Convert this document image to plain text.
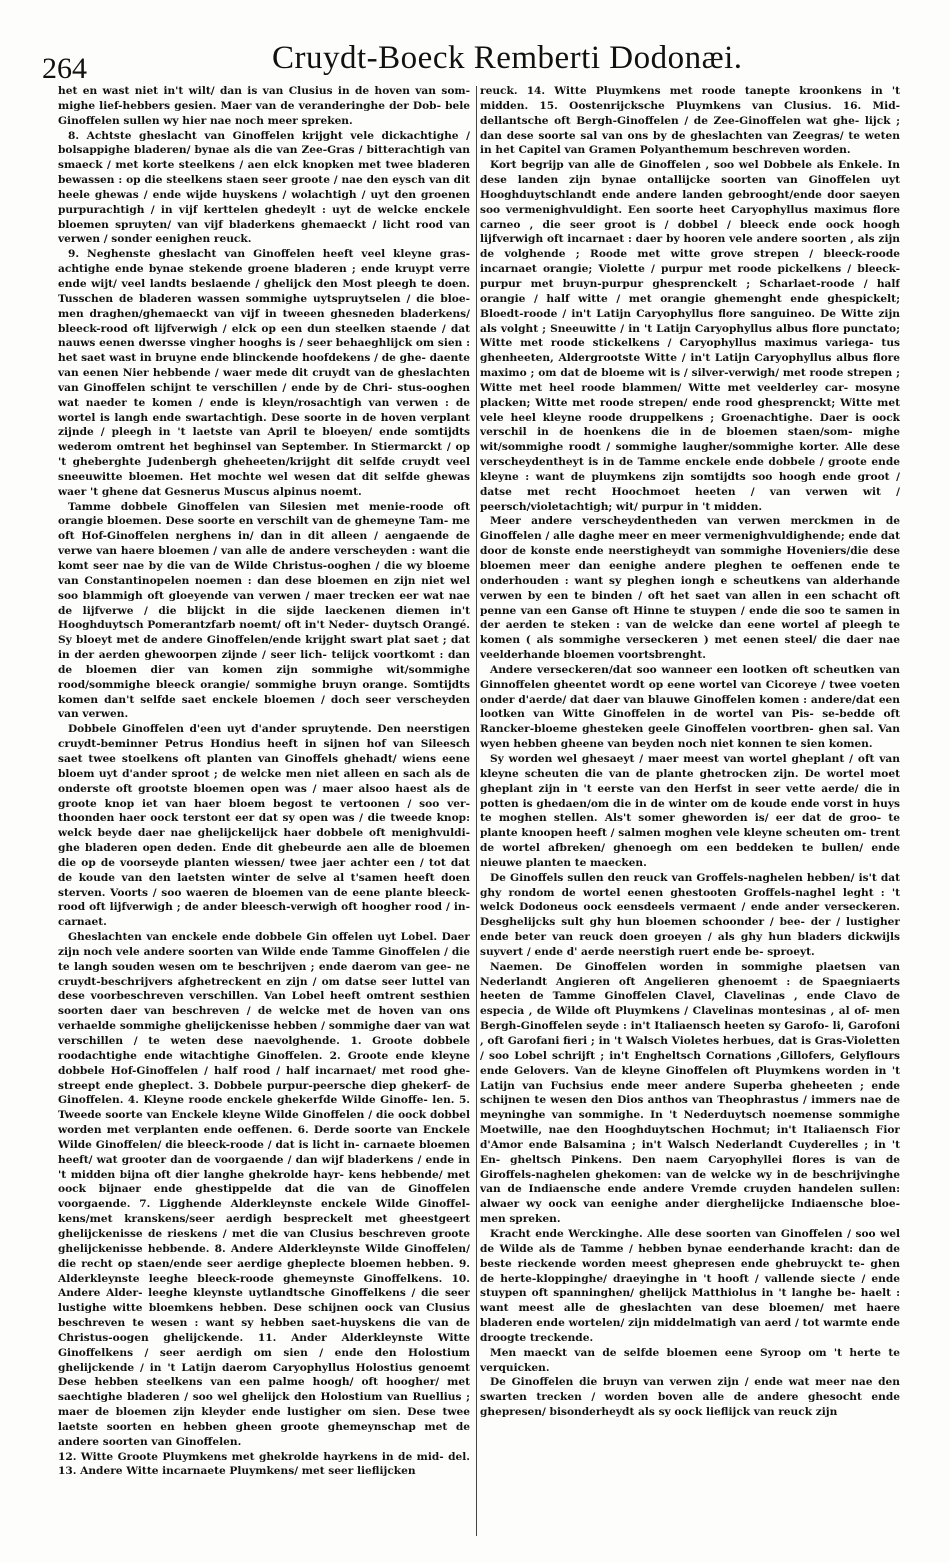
264	Cruydt-Boeck Remberti Dodonæi.

het en wast niet in't wilt/ dan is van Clusius in de hoven van som- mighe lief-hebbers gesien. Maer van de veranderinghe der Dob- bele Ginoffelen sullen wy hier nae noch meer spreken.

8. Achtste gheslacht van Ginoffelen krijght vele dickachtighe / bolsappighe bladeren/ bynae als die van Zee-Gras / bitterachtigh van smaeck / met korte steelkens / aen elck knopken met twee bladeren bewassen : op die steelkens staen seer groote / nae den eysch van dit heele ghewas / ende wijde huyskens / wolachtigh / uyt den groenen purpurachtigh / in vijf kerttelen ghedeylt : uyt de welcke enckele bloemen spruyten/ van vijf bladerkens ghemaeckt / licht rood van verwen / sonder eenighen reuck.

9. Neghenste gheslacht van Ginoffelen heeft veel kleyne gras- achtighe ende bynae stekende groene bladeren ; ende kruypt verre ende wijt/ veel landts beslaende / ghelijck den Most pleegh te doen. Tusschen de bladeren wassen sommighe uytspruytselen / die bloe- men draghen/ghemaeckt van vijf in tweeen ghesneden bladerkens/ bleeck-rood oft lijfverwigh / elck op een dun steelken staende / dat nauws eenen dwersse vingher hooghs is / seer behaeghlijck om sien : het saet wast in bruyne ende blinckende hoofdekens / de ghe- daente van eenen Nier hebbende / waer mede dit cruydt van de gheslachten van Ginoffelen schijnt te verschillen / ende by de Chri- stus-ooghen wat naeder te komen / ende is kleyn/rosachtigh van verwen : de wortel is langh ende swartachtigh. Dese soorte in de hoven verplant zijnde / pleegh in 't laetste van April te bloeyen/ ende somtijdts wederom omtrent het beghinsel van September. In Stiermarckt / op 't gheberghte Judenbergh gheheeten/krijght dit selfde cruydt veel sneeuwitte bloemen. Het mochte wel wesen dat dit selfde ghewas waer 't ghene dat Gesnerus Muscus alpinus noemt.

Tamme dobbele Ginoffelen van Silesien met menie-roode oft orangie bloemen. Dese soorte en verschilt van de ghemeyne Tam- me oft Hof-Ginoffelen nerghens in/ dan in dit alleen / aengaende de verwe van haere bloemen / van alle de andere verscheyden : want die komt seer nae by die van de Wilde Christus-ooghen / die wy bloeme van Constantinopelen noemen : dan dese bloemen en zijn niet wel soo blammigh oft gloeyende van verwen / maer trecken eer wat nae de lijfverwe / die blijckt in die sijde laeckenen diemen in't Hooghduytsch Pomerantzfarb noemt/ oft in't Neder- duytsch Orangé. Sy bloeyt met de andere Ginoffelen/ende krijght swart plat saet ; dat in der aerden ghewoorpen zijnde / seer lich- telijck voortkomt : dan de bloemen dier van komen zijn sommighe wit/sommighe rood/sommighe bleeck orangie/ sommighe bruyn orange. Somtijdts komen dan't selfde saet enckele bloemen / doch seer verscheyden van verwen.

Dobbele Ginoffelen d'een uyt d'ander spruytende. Den neerstigen cruydt-beminner Petrus Hondius heeft in sijnen hof van Sileesch saet twee stoelkens oft planten van Ginoffels ghehadt/ wiens eene bloem uyt d'ander sproot ; de welcke men niet alleen en sach als de onderste oft grootste bloemen open was / maer alsoo haest als de groote knop iet van haer bloem begost te vertoonen / soo ver- thoonden haer oock terstont eer dat sy open was / die tweede knop: welck beyde daer nae ghelijckelijck haer dobbele oft menighvuldi- ghe bladeren open deden. Ende dit ghebeurde aen alle de bloemen die op de voorseyde planten wiessen/ twee jaer achter een / tot dat de koude van den laetsten winter de selve al t'samen heeft doen sterven. Voorts / soo waeren de bloemen van de eene plante bleeck-rood oft lijfverwigh ; de ander bleesch-verwigh oft hoogher rood / in- carnaet.

Gheslachten van enckele ende dobbele Gin offelen uyt Lobel. Daer zijn noch vele andere soorten van Wilde ende Tamme Ginoffelen / die te langh souden wesen om te beschrijven ; ende daerom van gee- ne cruydt-beschrijvers afghetreckent en zijn / om datse seer luttel van dese voorbeschreven verschillen. Van Lobel heeft omtrent sesthien soorten daer van beschreven / de welcke met de hoven van ons verhaelde sommighe ghelijckenisse hebben / sommighe daer van wat verschillen / te weten dese naevolghende. 1. Groote dobbele roodachtighe ende witachtighe Ginoffelen. 2. Groote ende kleyne dobbele Hof-Ginoffelen / half rood / half incarnaet/ met rood ghe- streept ende gheplect. 3. Dobbele purpur-peersche diep ghekerf- de Ginoffelen. 4. Kleyne roode enckele ghekerfde Wilde Ginoffe- len. 5. Tweede soorte van Enckele kleyne Wilde Ginoffelen / die oock dobbel worden met verplanten ende oeffenen. 6. Derde soorte van Enckele Wilde Ginoffelen/ die bleeck-roode / dat is licht in- carnaete bloemen heeft/ wat grooter dan de voorgaende / dan wijf bladerkens / ende in 't midden bijna oft dier langhe ghekrolde hayr- kens hebbende/ met oock bijnaer ende ghestippelde dat die van de Ginoffelen voorgaende. 7. Ligghende Alderkleynste enckele Wilde Ginoffel- kens/met kranskens/seer aerdigh bespreckelt met gheestgeert ghelijckenisse de rieskens / met die van Clusius beschreven groote ghelijckenisse hebbende. 8. Andere Alderkleynste Wilde Ginoffelen/ die recht op staen/ende seer aerdige gheplecte bloemen hebben. 9. Alderkleynste leeghe bleeck-roode ghemeynste Ginoffelkens. 10. Andere Alder- leeghe kleynste uytlandtsche Ginoffelkens / die seer lustighe witte bloemkens hebben. Dese schijnen oock van Clusius beschreven te wesen : want sy hebben saet-huyskens die van de Christus-oogen ghelijckende. 11. Ander Alderkleynste Witte Ginoffelkens / seer aerdigh om sien / ende den Holostium ghelijckende / in 't Latijn daerom Caryophyllus Holostius genoemt Dese hebben steelkens van een palme hoogh/ oft hoogher/ met saechtighe bladeren / soo wel ghelijck den Holostium van Ruellius ; maer de bloemen zijn kleyder ende lustigher om sien. Dese twee laetste soorten en hebben gheen groote ghemeynschap met de andere soorten van Ginoffelen.

12. Witte Groote Pluymkens met ghekrolde hayrkens in de mid- del. 13. Andere Witte incarnaete Pluymkens/ met seer lieflijcken

reuck. 14. Witte Pluymkens met roode tanepte kroonkens in 't midden. 15. Oostenrijcksche Pluymkens van Clusius. 16. Mid- dellantsche oft Bergh-Ginoffelen / de Zee-Ginoffelen wat ghe- lijck ; dan dese soorte sal van ons by de gheslachten van Zeegras/ te weten in het Capitel van Gramen Polyanthemum beschreven worden.

Kort begrijp van alle de Ginoffelen , soo wel Dobbele als Enkele. In dese landen zijn bynae ontallijcke soorten van Ginoffelen uyt Hooghduytschlandt ende andere landen gebrooght/ende door saeyen soo vermenighvuldight. Een soorte heet Caryophyllus maximus flore carneo , die seer groot is / dobbel / bleeck ende oock hoogh lijfverwigh oft incarnaet : daer by hooren vele andere soorten , als zijn de volghende ; Roode met witte grove strepen / bleeck-roode incarnaet orangie; Violette / purpur met roode pickelkens / bleeck- purpur met bruyn-purpur ghesprenckelt ; Scharlaet-roode / half orangie / half witte / met orangie ghemenght ende ghespickelt; Bloedt-roode / in't Latijn Caryophyllus flore sanguineo. De Witte zijn als volght ; Sneeuwitte / in 't Latijn Caryophyllus albus flore punctato; Witte met roode stickelkens / Caryophyllus maximus variega- tus ghenheeten, Aldergrootste Witte / in't Latijn Caryophyllus albus flore maximo ; om dat de bloeme wit is / silver-verwigh/ met roode strepen ; Witte met heel roode blammen/ Witte met veelderley car- mosyne placken; Witte met roode strepen/ ende rood ghesprenckt; Witte met vele heel kleyne roode druppelkens ; Groenachtighe. Daer is oock verschil in de hoenkens die in de bloemen staen/som- mighe wit/sommighe roodt / sommighe laugher/sommighe korter. Alle dese verscheydentheyt is in de Tamme enckele ende dobbele / groote ende kleyne : want de pluymkens zijn somtijdts soo hoogh ende groot / datse met recht Hoochmoet heeten / van verwen wit / peersch/violetachtigh; wit/ purpur in 't midden.

Meer andere verscheydentheden van verwen merckmen in de Ginoffelen / alle daghe meer en meer vermenighvuldighende; ende dat door de konste ende neerstigheydt van sommighe Hoveniers/die dese bloemen meer dan eenighe andere pleghen te oeffenen ende te onderhouden : want sy pleghen iongh e scheutkens van alderhande verwen by een te binden / oft het saet van allen in een schacht oft penne van een Ganse oft Hinne te stuypen / ende die soo te samen in der aerden te steken : van de welcke dan eene wortel af pleegh te komen ( als sommighe verseckeren ) met eenen steel/ die daer nae veelderhande bloemen voortsbrenght.

Andere verseckeren/dat soo wanneer een lootken oft scheutken van Ginnoffelen gheentet wordt op eene wortel van Cicoreye / twee voeten onder d'aerde/ dat daer van blauwe Ginoffelen komen : andere/dat een lootken van Witte Ginoffelen in de wortel van Pis- se-bedde oft Rancker-bloeme ghesteken geele Ginoffelen voortbren- ghen sal. Van wyen hebben gheene van beyden noch niet konnen te sien komen.

Sy worden wel ghesaeyt / maer meest van wortel gheplant / oft van kleyne scheuten die van de plante ghetrocken zijn. De wortel moet gheplant zijn in 't eerste van den Herfst in seer vette aerde/ die in potten is ghedaen/om die in de winter om de koude ende vorst in huys te moghen stellen. Als't somer gheworden is/ eer dat de groo- te plante knoopen heeft / salmen moghen vele kleyne scheuten om- trent de wortel afbreken/ ghenoegh om een beddeken te bullen/ ende nieuwe planten te maecken.

De Ginoffels sullen den reuck van Groffels-naghelen hebben/ is't dat ghy rondom de wortel eenen ghestooten Groffels-naghel leght : 't welck Dodoneus oock eensdeels vermaent / ende ander verseckeren. Desghelijcks sult ghy hun bloemen schoonder / bee- der / lustigher ende beter van reuck doen groeyen / als ghy hun bladers dickwijls suyvert / ende d' aerde neerstigh ruert ende be- sproeyt.

Naemen. De Ginoffelen worden in sommighe plaetsen van Nederlandt Angieren oft Angelieren ghenoemt : de Spaegniaerts heeten de Tamme Ginoffelen Clavel, Clavelinas , ende Clavo de especia , de Wilde oft Pluymkens / Clavelinas montesinas , al of- men Bergh-Ginoffelen seyde : in't Italiaensch heeten sy Garofo- li, Garofoni , oft Garofani fieri ; in 't Walsch Violetes herbues, dat is Gras-Violetten / soo Lobel schrijft ; in't Engheltsch Cornations ,Gillofers, Gelyflours ende Gelovers. Van de kleyne Ginoffelen oft Pluymkens worden in 't Latijn van Fuchsius ende meer andere Superba gheheeten ; ende schijnen te wesen den Dios anthos van Theophrastus / immers nae de meyninghe van sommighe. In 't Nederduytsch noemense sommighe Moetwille, nae den Hooghduytschen Hochmut; in't Italiaensch Fior d'Amor ende Balsamina ; in't Walsch Nederlandt Cuyderelles ; in 't En- gheltsch Pinkens. Den naem Caryophyllei flores is van de Giroffels-naghelen ghekomen: van de welcke wy in de beschrijvinghe van de Indiaensche ende andere Vremde cruyden handelen sullen: alwaer wy oock van eenighe ander dierghelijcke Indiaensche bloe- men spreken.

Kracht ende Werckinghe. Alle dese soorten van Ginoffelen / soo wel de Wilde als de Tamme / hebben bynae eenderhande kracht: dan de beste rieckende worden meest ghepresen ende ghebruyckt te- ghen de herte-kloppinghe/ draeyinghe in 't hooft / vallende siecte / ende stuypen oft spanninghen/ ghelijck Matthiolus in 't langhe be- haelt : want meest alle de gheslachten van dese bloemen/ met haere bladeren ende wortelen/ zijn middelmatigh van aerd / tot warmte ende droogte treckende.

Men maeckt van de selfde bloemen eene Syroop om 't herte te verquicken.

De Ginoffelen die bruyn van verwen zijn / ende wat meer nae den swarten trecken / worden boven alle de andere ghesocht ende ghepresen/ bisonderheydt als sy oock lieflijck van reuck zijn
